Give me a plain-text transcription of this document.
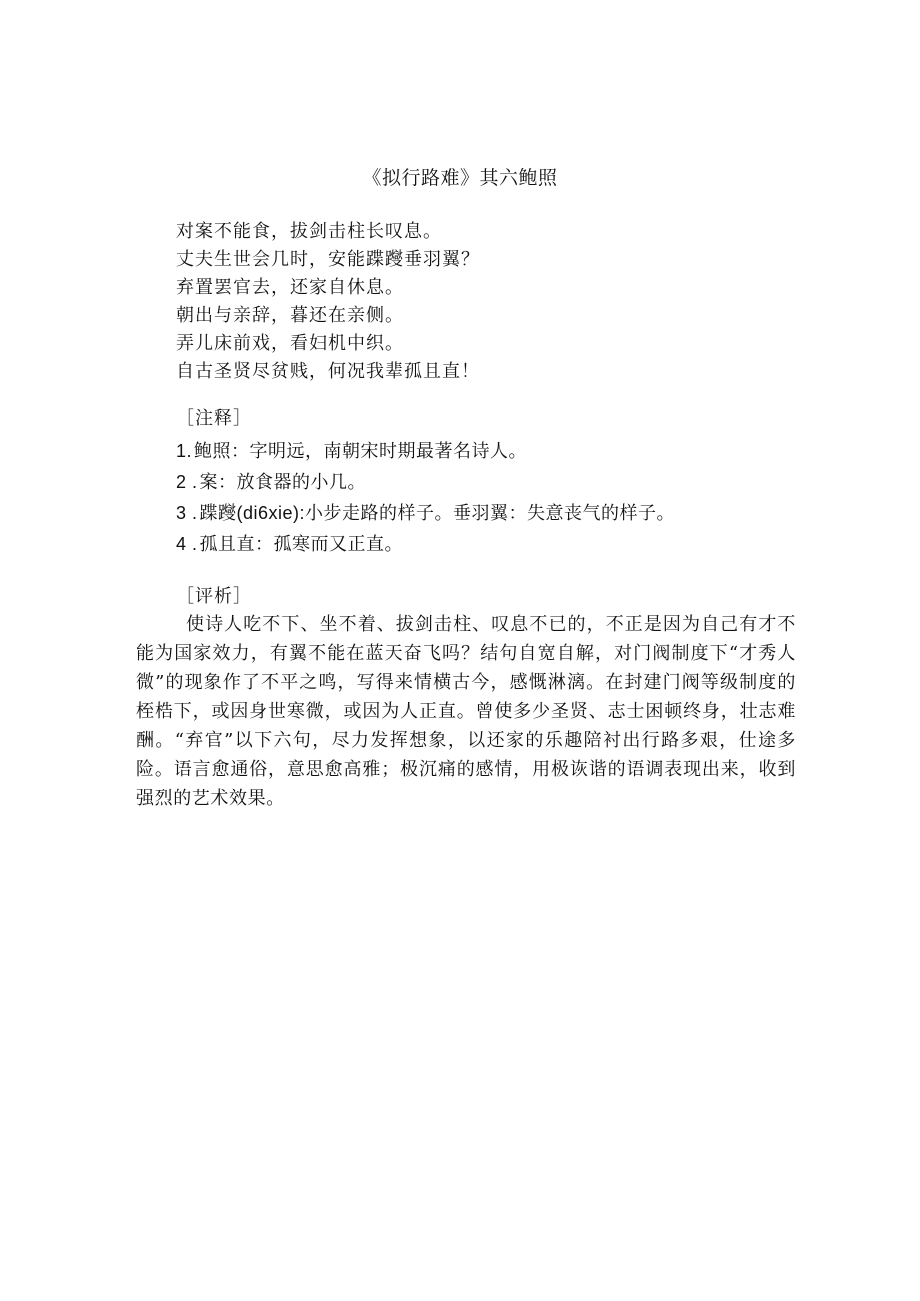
《拟行路难》其六鲍照
对案不能食，拔剑击柱长叹息。
丈夫生世会几时，安能蹀躞垂羽翼？
弃置罢官去，还家自休息。
朝出与亲辞，暮还在亲侧。
弄儿床前戏，看妇机中织。
自古圣贤尽贫贱，何况我辈孤且直！
［注释］
1. 鲍照：字明远，南朝宋时期最著名诗人。
2 . 案：放食器的小几。
3 . 蹀躞(di6xie):小步走路的样子。垂羽翼：失意丧气的样子。
4 . 孤且直：孤寒而又正直。
［评析］

使诗人吃不下、坐不着、拔剑击柱、叹息不已的，不正是因为自己有才不能为国家效力，有翼不能在蓝天奋飞吗？结句自宽自解，对门阀制度下“才秀人微”的现象作了不平之鸣，写得来情横古今，感慨淋漓。在封建门阀等级制度的桎梏下，或因身世寒微，或因为人正直。曾使多少圣贤、志士困顿终身，壮志难酬。“弃官”以下六句，尽力发挥想象，以还家的乐趣陪衬出行路多艰，仕途多险。语言愈通俗，意思愈高雅；极沉痛的感情，用极诙谐的语调表现出来，收到强烈的艺术效果。
